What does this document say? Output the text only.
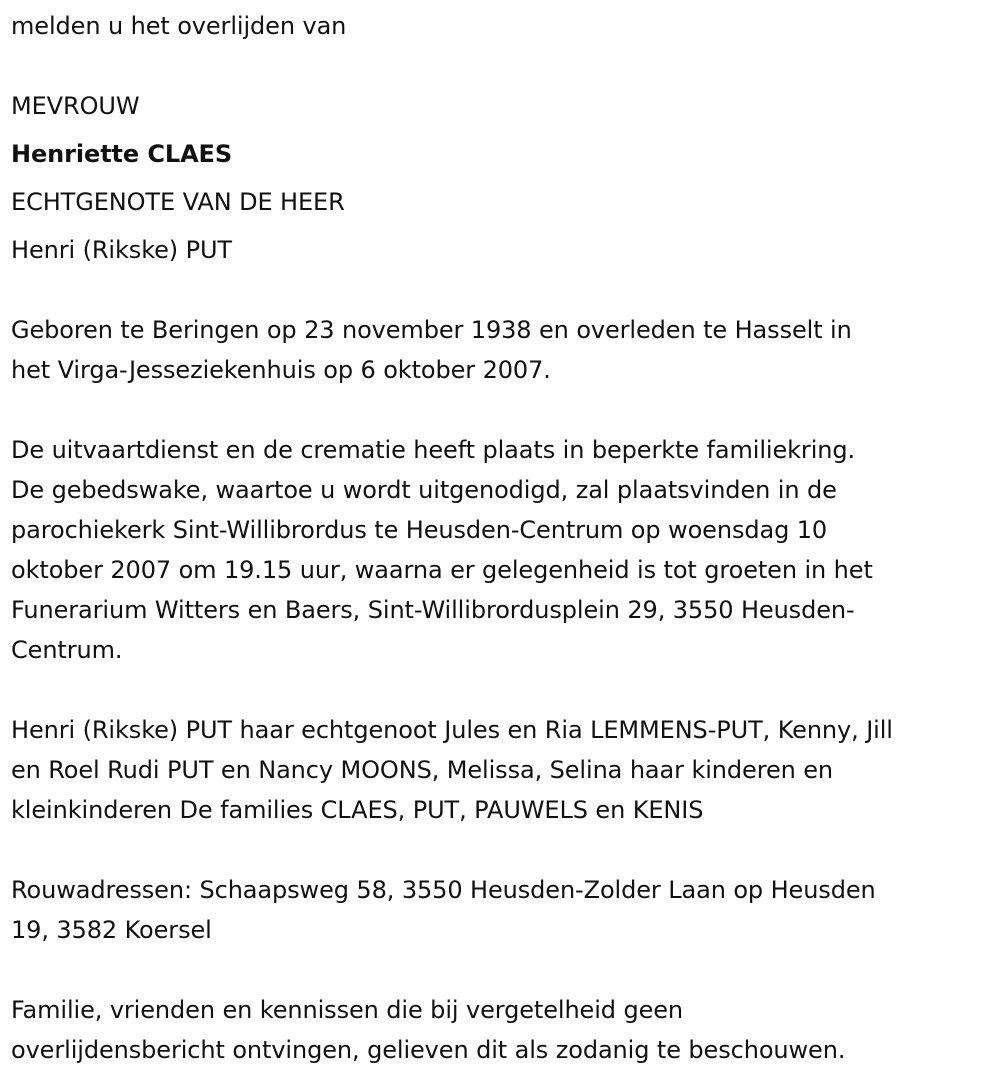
melden u het overlijden van
MEVROUW
Henriette CLAES
ECHTGENOTE VAN DE HEER
Henri (Rikske) PUT
Geboren te Beringen op 23 november 1938 en overleden te Hasselt in
het Virga-Jesseziekenhuis op 6 oktober 2007.
De uitvaartdienst en de crematie heeft plaats in beperkte familiekring.
De gebedswake, waartoe u wordt uitgenodigd, zal plaatsvinden in de
parochiekerk Sint-Willibrordus te Heusden-Centrum op woensdag 10
oktober 2007 om 19.15 uur, waarna er gelegenheid is tot groeten in het
Funerarium Witters en Baers, Sint-Willibrordusplein 29, 3550 Heusden-
Centrum.
Henri (Rikske) PUT haar echtgenoot Jules en Ria LEMMENS-PUT, Kenny, Jill
en Roel Rudi PUT en Nancy MOONS, Melissa, Selina haar kinderen en
kleinkinderen De families CLAES, PUT, PAUWELS en KENIS
Rouwadressen: Schaapsweg 58, 3550 Heusden-Zolder Laan op Heusden
19, 3582 Koersel
Familie, vrienden en kennissen die bij vergetelheid geen
overlijdensbericht ontvingen, gelieven dit als zodanig te beschouwen.
